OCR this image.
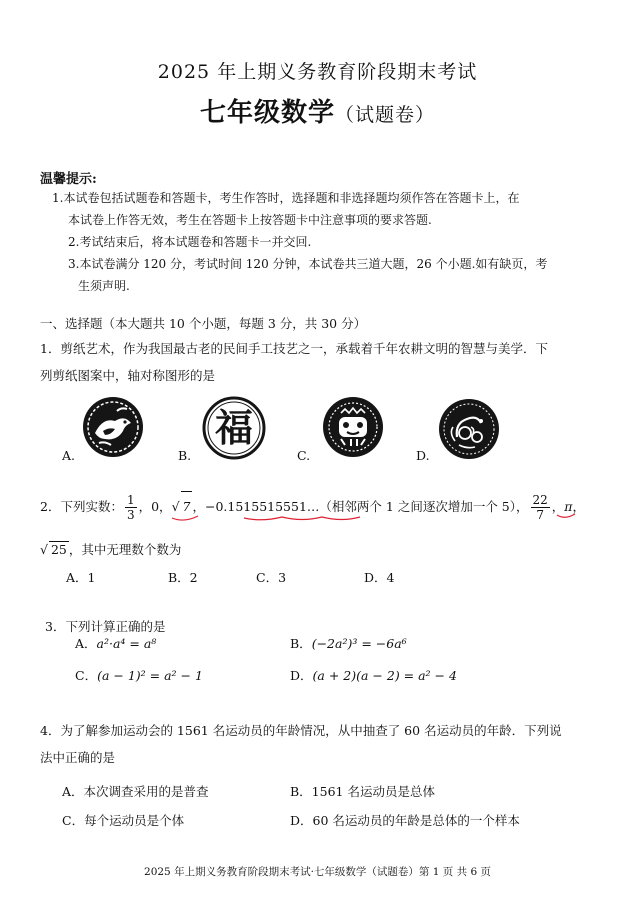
2025 年上期义务教育阶段期末考试
七年级数学（试题卷）
温馨提示:
1.本试卷包括试题卷和答题卡，考生作答时，选择题和非选择题均须作答在答题卡上，在
本试卷上作答无效，考生在答题卡上按答题卡中注意事项的要求答题.
2.考试结束后，将本试题卷和答题卡一并交回.
3.本试卷满分 120 分，考试时间 120 分钟，本试卷共三道大题，26 个小题.如有缺页，考
生须声明.
一、选择题（本大题共 10 个小题，每题 3 分，共 30 分）
1．剪纸艺术，作为我国最古老的民间手工技艺之一，承载着千年农耕文明的智慧与美学．下
列剪纸图案中，轴对称图形的是
福
A.	B.	C.	D.
2．下列实数： $\frac{1}{3}$ ，0，√ 7 ，−0.1515515551…（相邻两个 1 之间逐次增加一个 5）， $\frac{22}{7}$ ，π，
√ 25 ，其中无理数个数为
A．1	B．2	C．3	D．4
3．下列计算正确的是
A．a²·a⁴ = a⁸	B．(−2a²)³ = −6a⁶
C．(a − 1)² = a² − 1	D．(a + 2)(a − 2) = a² − 4
4．为了解参加运动会的 1561 名运动员的年龄情况，从中抽查了 60 名运动员的年龄．下列说
法中正确的是
A．本次调查采用的是普查	B．1561 名运动员是总体
C．每个运动员是个体	D．60 名运动员的年龄是总体的一个样本
2025 年上期义务教育阶段期末考试·七年级数学（试题卷）第 1 页 共 6 页
